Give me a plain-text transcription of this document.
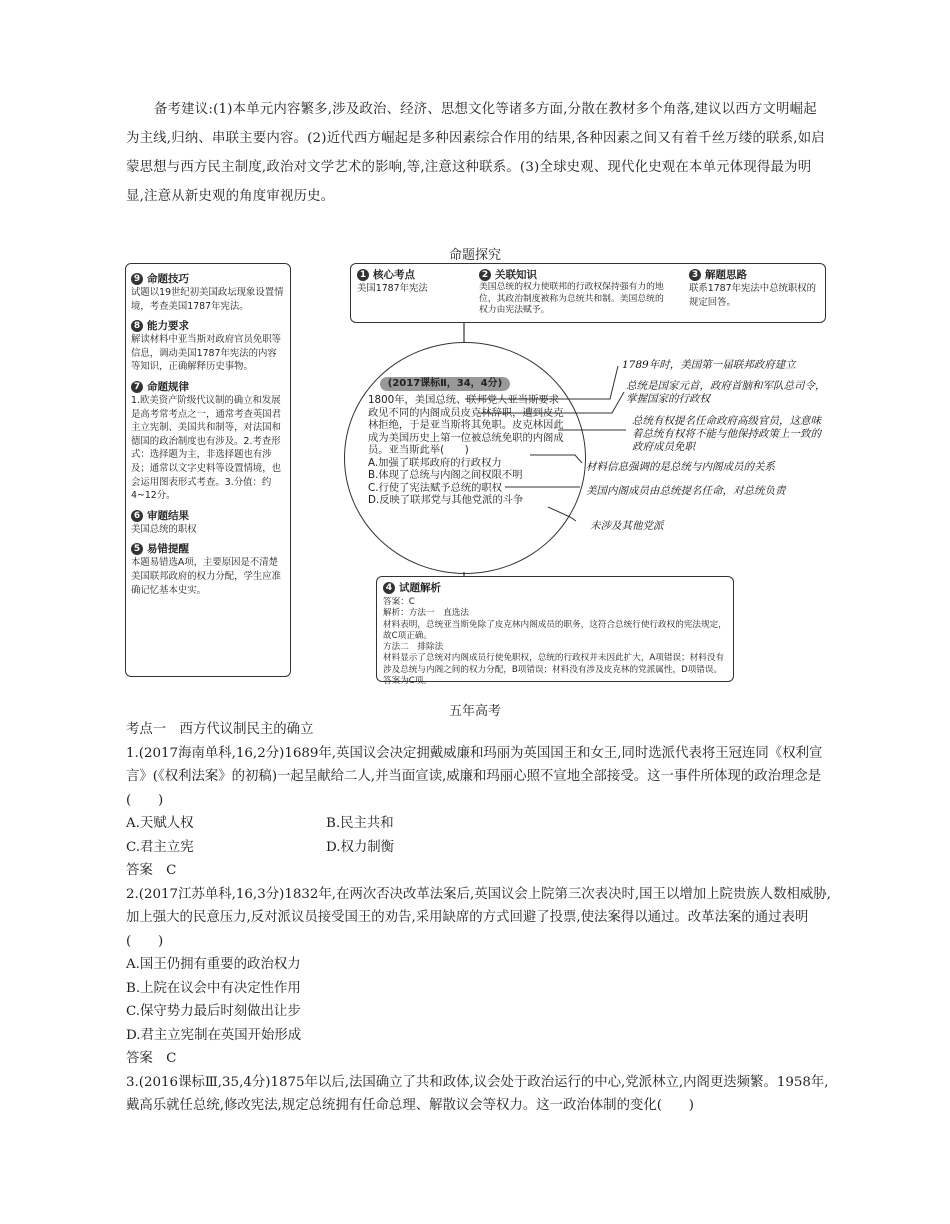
备考建议:(1)本单元内容繁多,涉及政治、经济、思想文化等诸多方面,分散在教材多个角落,建议以西方文明崛起为主线,归纳、串联主要内容。(2)近代西方崛起是多种因素综合作用的结果,各种因素之间又有着千丝万缕的联系,如启蒙思想与西方民主制度,政治对文学艺术的影响,等,注意这种联系。(3)全球史观、现代化史观在本单元体现得最为明显,注意从新史观的角度审视历史。
命题探究
9 命题技巧
试题以19世纪初美国政坛现象设置情境，考查美国1787年宪法。
8 能力要求
解读材料中亚当斯对政府官员免职等信息，调动美国1787年宪法的内容等知识，正确解释历史事物。
7 命题规律
1.欧美资产阶级代议制的确立和发展是高考常考点之一，通常考查英国君主立宪制、美国共和制等，对法国和德国的政治制度也有涉及。2.考查形式：选择题为主，非选择题也有涉及；通常以文字史料等设置情境，也会运用图表形式考查。3.分值：约4~12分。
6 审题结果
美国总统的职权
5 易错提醒
本题易错选A项，主要原因是不清楚美国联邦政府的权力分配，学生应准确记忆基本史实。
1 核心考点
美国1787年宪法
2 关联知识
美国总统的权力使联邦的行政权保持强有力的地位，其政治制度被称为总统共和制。美国总统的权力由宪法赋予。
3 解题思路
联系1787年宪法中总统职权的规定回答。
(2017课标Ⅱ，34，4分)
1800年，美国总统、联邦党人亚当斯要求政见不同的内阁成员皮克林辞职，遭到皮克林拒绝，于是亚当斯将其免职。皮克林因此成为美国历史上第一位被总统免职的内阁成员。亚当斯此举(　　)
A.加强了联邦政府的行政权力
B.体现了总统与内阁之间权限不明
C.行使了宪法赋予总统的职权
D.反映了联邦党与其他党派的斗争
1789年时，美国第一届联邦政府建立
总统是国家元首，政府首脑和军队总司令，掌握国家的行政权
总统有权提名任命政府高级官员，这意味着总统有权将不能与他保持政策上一致的政府成员免职
材料信息强调的是总统与内阁成员的关系
美国内阁成员由总统提名任命，对总统负责
未涉及其他党派
4 试题解析
答案：C
解析：方法一　直选法
材料表明，总统亚当斯免除了皮克林内阁成员的职务，这符合总统行使行政权的宪法规定，故C项正确。
方法二　排除法
材料显示了总统对内阁成员行使免职权，总统的行政权并未因此扩大，A项错误；材料没有涉及总统与内阁之间的权力分配，B项错误；材料没有涉及皮克林的党派属性，D项错误。答案为C项。
五年高考

考点一　西方代议制民主的确立

1.(2017海南单科,16,2分)1689年,英国议会决定拥戴威廉和玛丽为英国国王和女王,同时选派代表将王冠连同《权利宣言》(《权利法案》的初稿)一起呈献给二人,并当面宣读,威廉和玛丽心照不宣地全部接受。这一事件所体现的政治理念是(　　)

A.天赋人权	B.民主共和
C.君主立宪	D.权力制衡

答案　C

2.(2017江苏单科,16,3分)1832年,在两次否决改革法案后,英国议会上院第三次表决时,国王以增加上院贵族人数相威胁,加上强大的民意压力,反对派议员接受国王的劝告,采用缺席的方式回避了投票,使法案得以通过。改革法案的通过表明(　　)

A.国王仍拥有重要的政治权力

B.上院在议会中有决定性作用

C.保守势力最后时刻做出让步

D.君主立宪制在英国开始形成

答案　C

3.(2016课标Ⅲ,35,4分)1875年以后,法国确立了共和政体,议会处于政治运行的中心,党派林立,内阁更迭频繁。1958年,戴高乐就任总统,修改宪法,规定总统拥有任命总理、解散议会等权力。这一政治体制的变化(　　)
